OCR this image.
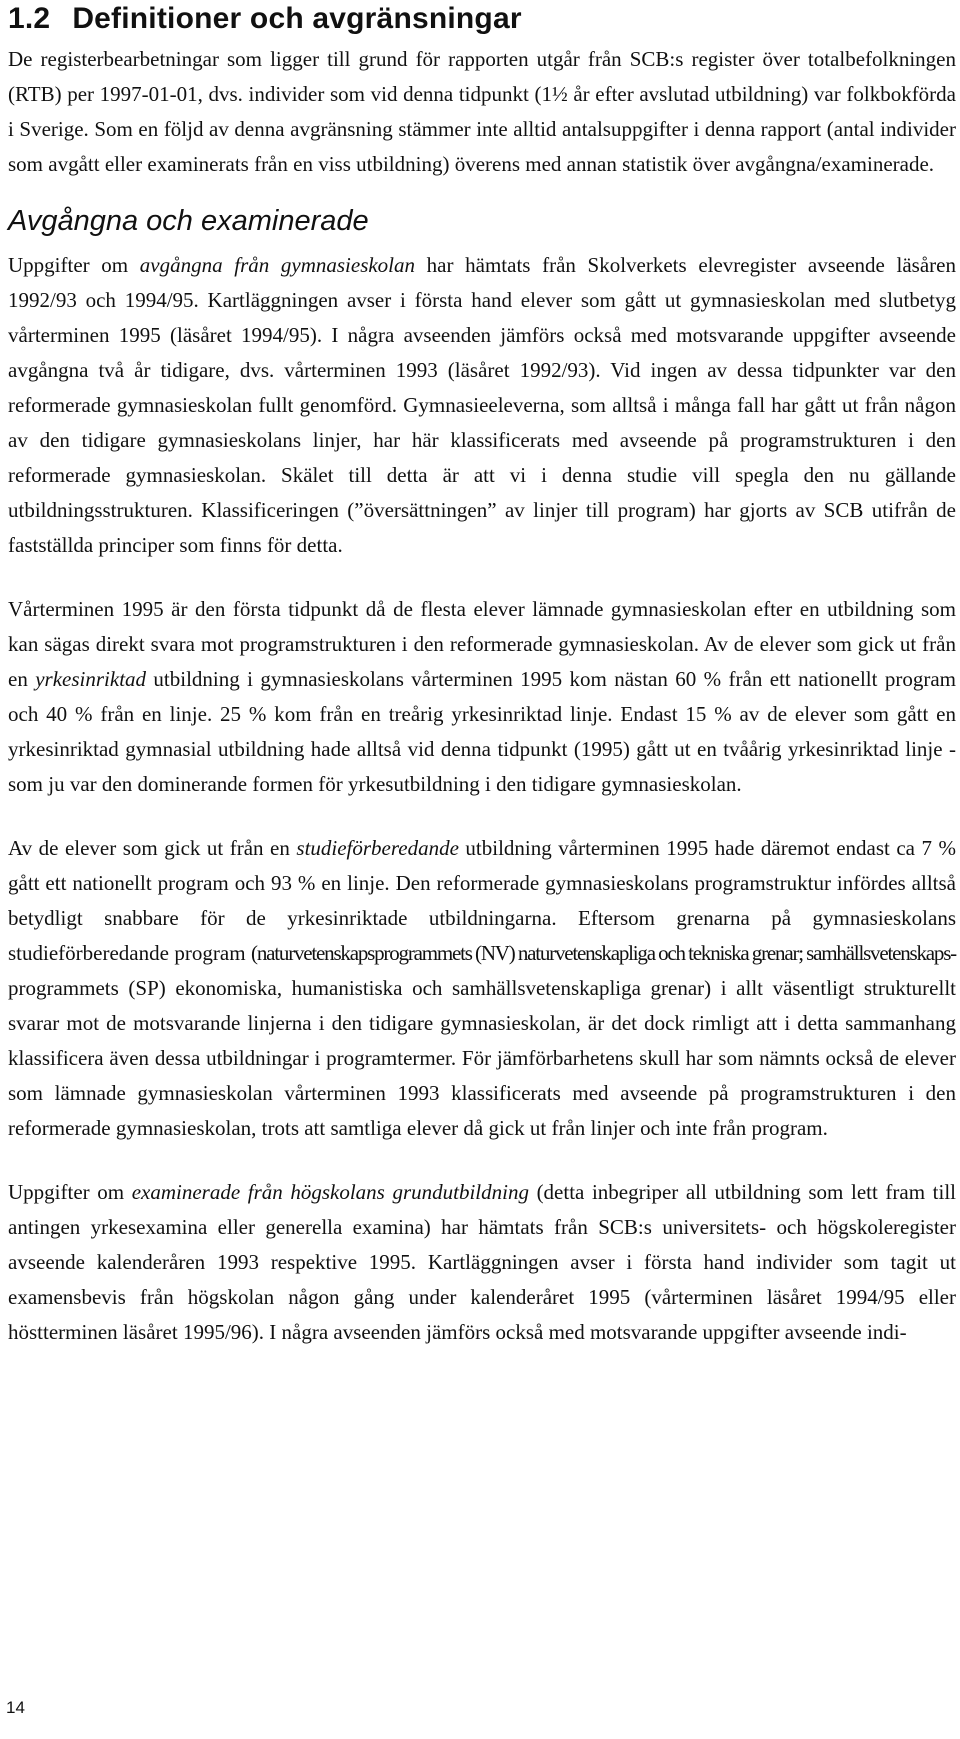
1.2 Definitioner och avgränsningar

De registerbearbetningar som ligger till grund för rapporten utgår från SCB:s register över totalbefolkningen (RTB) per 1997-01-01, dvs. individer som vid denna tidpunkt (1½ år efter avslutad utbildning) var folkbokförda i Sverige. Som en följd av denna avgränsning stämmer inte alltid antalsuppgifter i denna rapport (antal individer som avgått eller examinerats från en viss utbildning) överens med annan statistik över avgångna/examinerade.

Avgångna och examinerade

Uppgifter om avgångna från gymnasieskolan har hämtats från Skolverkets elevregister avseende läsåren 1992/93 och 1994/95. Kartläggningen avser i första hand elever som gått ut gymnasieskolan med slutbetyg vårterminen 1995 (läsåret 1994/95). I några avseenden jämförs också med motsvarande uppgifter avseende avgångna två år tidigare, dvs. vårterminen 1993 (läsåret 1992/93). Vid ingen av dessa tidpunkter var den reformerade gymnasieskolan fullt genomförd. Gymnasieeleverna, som alltså i många fall har gått ut från någon av den tidigare gymnasieskolans linjer, har här klassificerats med avseende på programstrukturen i den reformerade gymnasieskolan. Skälet till detta är att vi i denna studie vill spegla den nu gällande utbildningsstrukturen. Klassificeringen (”översättningen” av linjer till program) har gjorts av SCB utifrån de fastställda principer som finns för detta.

Vårterminen 1995 är den första tidpunkt då de flesta elever lämnade gymnasieskolan efter en utbildning som kan sägas direkt svara mot programstrukturen i den reformerade gymnasieskolan. Av de elever som gick ut från en yrkesinriktad utbildning i gymnasieskolans vårterminen 1995 kom nästan 60 % från ett nationellt program och 40 % från en linje. 25 % kom från en treårig yrkesinriktad linje. Endast 15 % av de elever som gått en yrkesinriktad gymnasial utbildning hade alltså vid denna tidpunkt (1995) gått ut en tvåårig yrkesinriktad linje - som ju var den dominerande formen för yrkesutbildning i den tidigare gymnasieskolan.

Av de elever som gick ut från en studieförberedande utbildning vårterminen 1995 hade däremot endast ca 7 % gått ett nationellt program och 93 % en linje. Den reformerade gymnasieskolans programstruktur infördes alltså betydligt snabbare för de yrkesinriktade utbildningarna. Eftersom grenarna på gymnasieskolans studieförberedande program (naturvetenskapsprogrammets (NV) naturvetenskapliga och tekniska grenar; samhällsvetenskaps- programmets (SP) ekonomiska, humanistiska och samhällsvetenskapliga grenar) i allt väsentligt strukturellt svarar mot de motsvarande linjerna i den tidigare gymnasieskolan, är det dock rimligt att i detta sammanhang klassificera även dessa utbildningar i programtermer. För jämförbarhetens skull har som nämnts också de elever som lämnade gymnasieskolan vårterminen 1993 klassificerats med avseende på programstrukturen i den reformerade gymnasieskolan, trots att samtliga elever då gick ut från linjer och inte från program.

Uppgifter om examinerade från högskolans grundutbildning (detta inbegriper all utbildning som lett fram till antingen yrkesexamina eller generella examina) har hämtats från SCB:s universitets- och högskoleregister avseende kalenderåren 1993 respektive 1995. Kartläggningen avser i första hand individer som tagit ut examensbevis från högskolan någon gång under kalenderåret 1995 (vårterminen läsåret 1994/95 eller höstterminen läsåret 1995/96). I några avseenden jämförs också med motsvarande uppgifter avseende indi-

14
